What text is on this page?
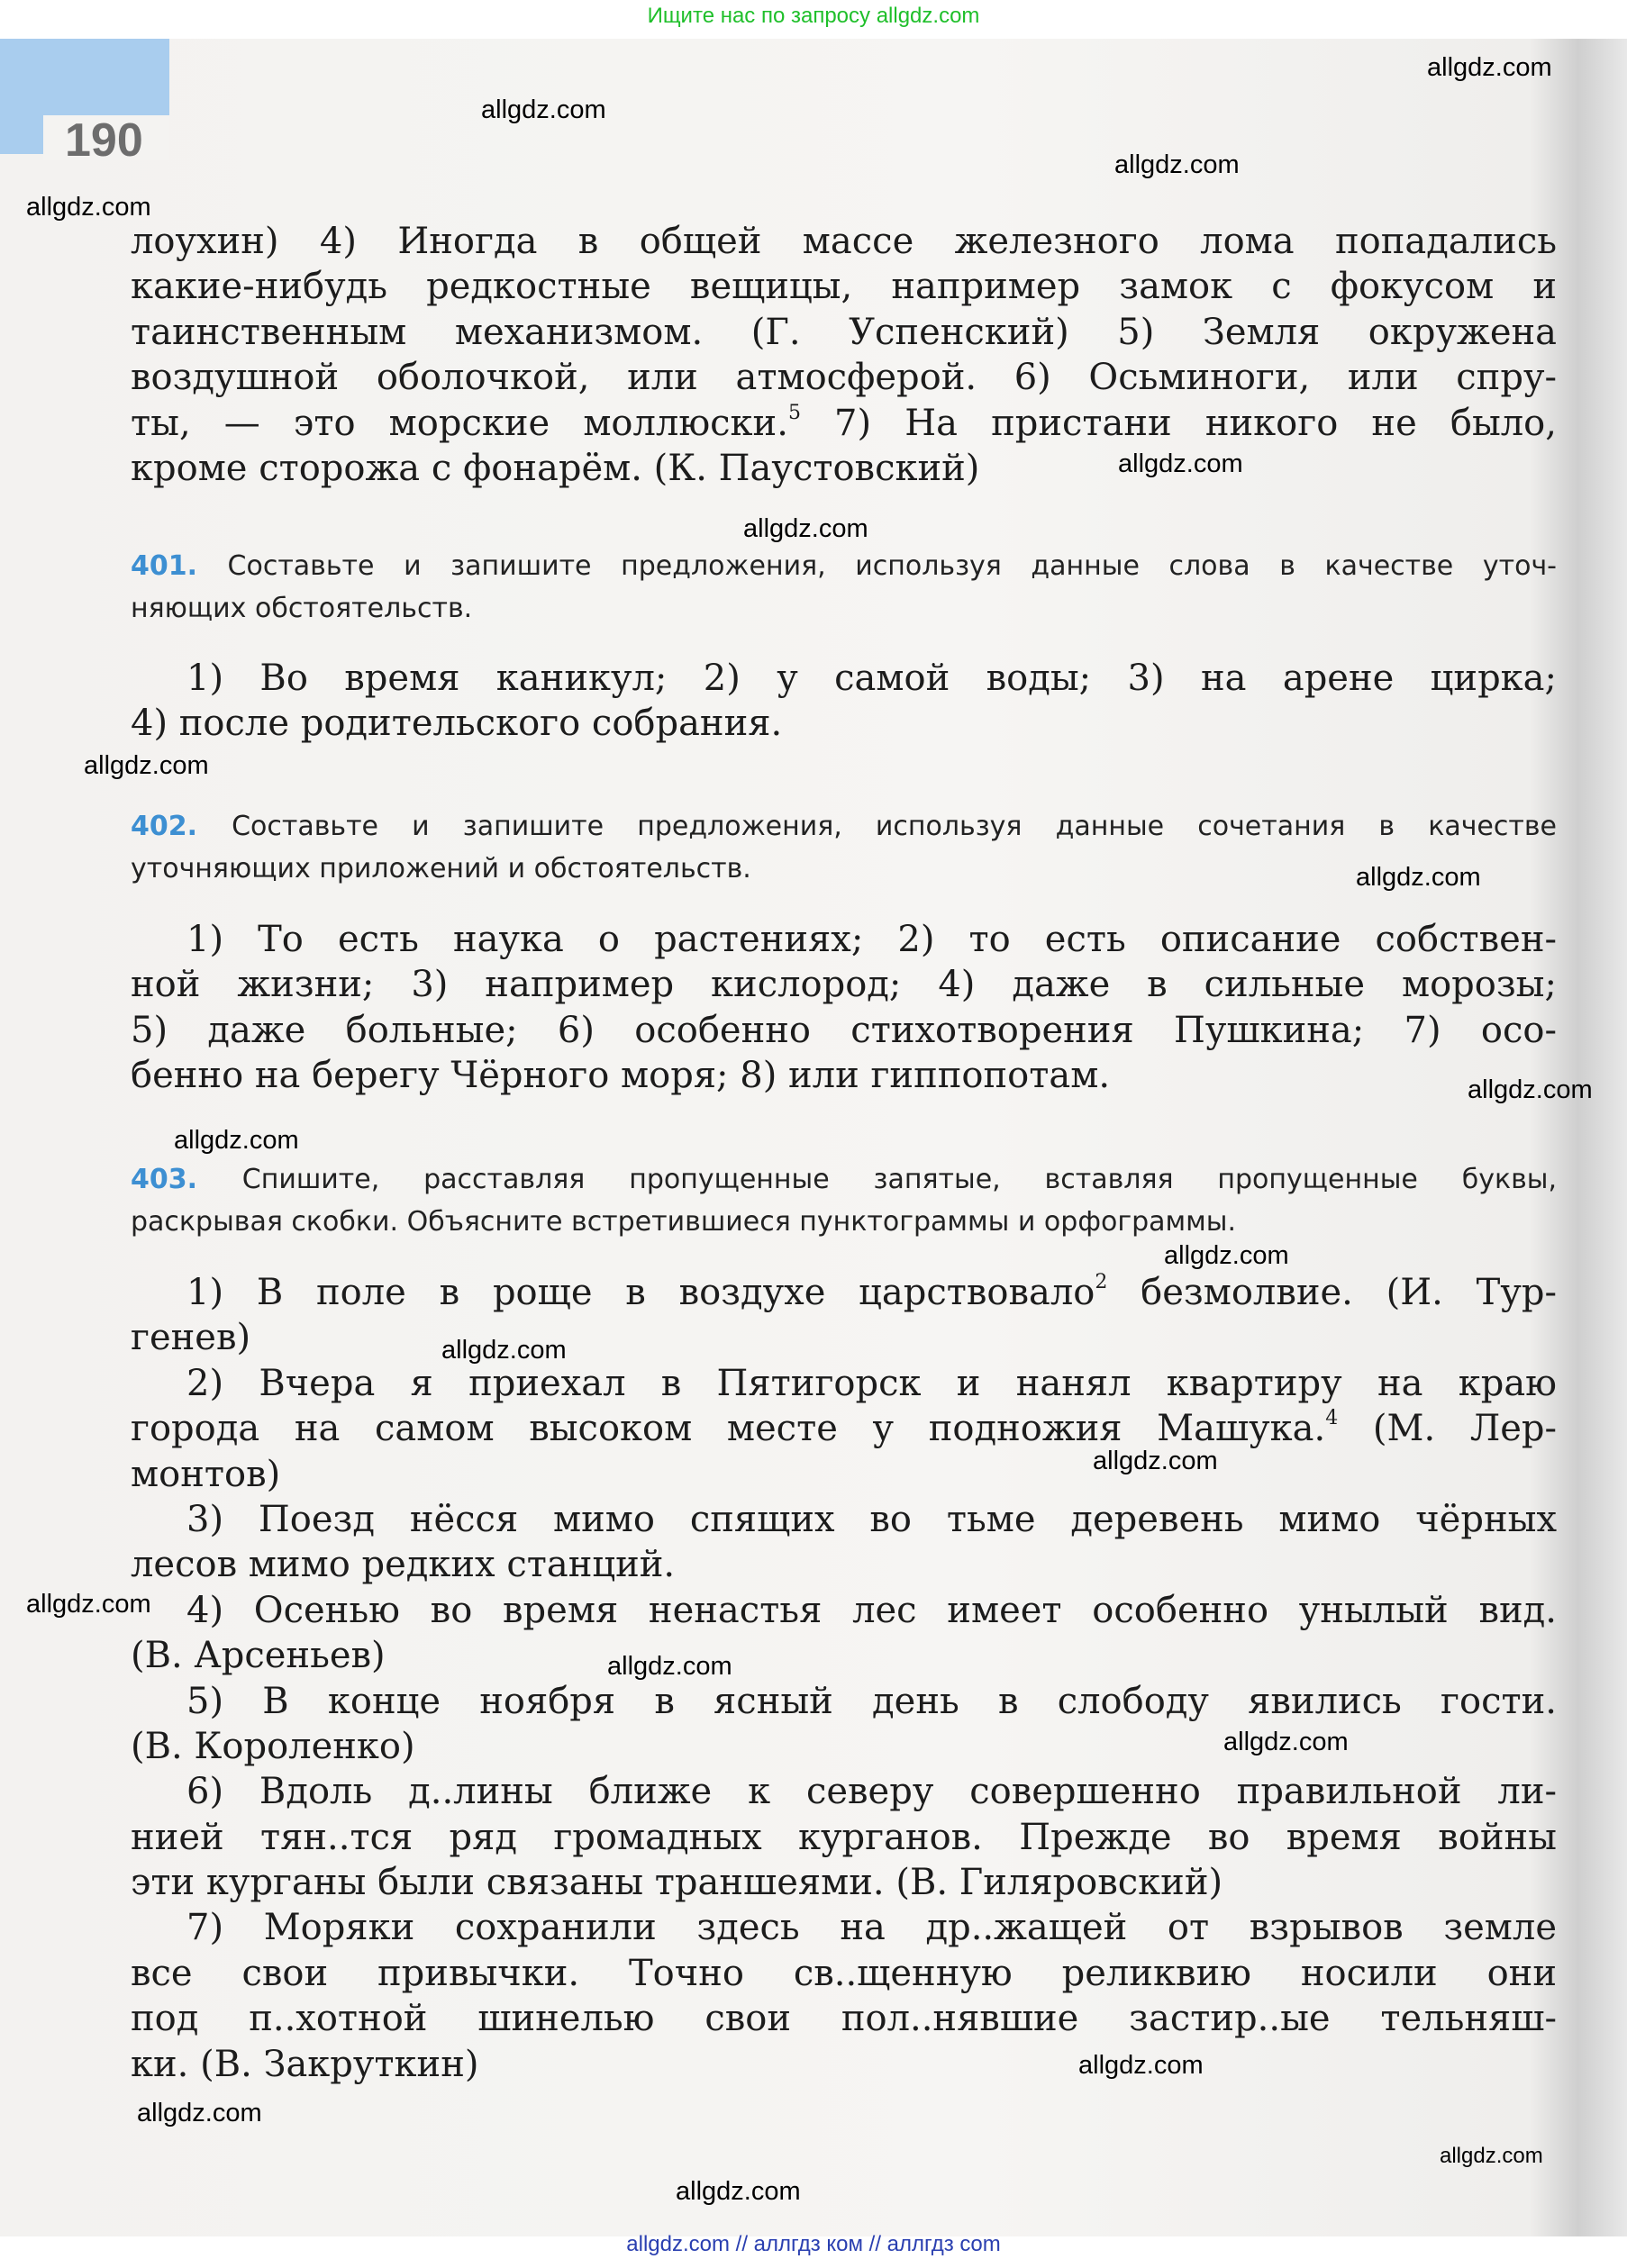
Ищите нас по запросу allgdz.com
190
лоухин) 4) Иногда в общей массе железного лома попадались
какие-нибудь редкостные вещицы, например замок с фокусом и
таинственным механизмом. (Г. Успенский) 5) Земля окружена
воздушной оболочкой, или атмосферой. 6) Осьминоги, или спру-
ты, — это морские моллюски.$^5$ 7) На пристани никого не было,
кроме сторожа с фонарём. (К. Паустовский)
401. Составьте и запишите предложения, используя данные слова в качестве уточ-
няющих обстоятельств.
1) Во время каникул; 2) у самой воды; 3) на арене цирка;
4) после родительского собрания.
402. Составьте и запишите предложения, используя данные сочетания в качестве
уточняющих приложений и обстоятельств.
1) То есть наука о растениях; 2) то есть описание собствен-
ной жизни; 3) например кислород; 4) даже в сильные морозы;
5) даже больные; 6) особенно стихотворения Пушкина; 7) осо-
бенно на берегу Чёрного моря; 8) или гиппопотам.
403. Спишите, расставляя пропущенные запятые, вставляя пропущенные буквы,
раскрывая скобки. Объясните встретившиеся пунктограммы и орфограммы.
1) В поле в роще в воздухе царствовало$^2$ безмолвие. (И. Тур-
генев)
2) Вчера я приехал в Пятигорск и нанял квартиру на краю
города на самом высоком месте у подножия Машука.$^4$ (М. Лер-
монтов)
3) Поезд нёсся мимо спящих во тьме деревень мимо чёрных
лесов мимо редких станций.
4) Осенью во время ненастья лес имеет особенно унылый вид.
(В. Арсеньев)
5) В конце ноября в ясный день в слободу явились гости.
(В. Короленко)
6) Вдоль д..лины ближе к северу совершенно правильной ли-
нией тян..тся ряд громадных курганов. Прежде во время войны
эти курганы были связаны траншеями. (В. Гиляровский)
7) Моряки сохранили здесь на др..жащей от взрывов земле
все свои привычки. Точно св..щенную реликвию носили они
под п..хотной шинелью свои пол..нявшие застир..ые тельняш-
ки. (В. Закруткин)
allgdz.com
allgdz.com
allgdz.com
allgdz.com
allgdz.com
allgdz.com
allgdz.com
allgdz.com
allgdz.com
allgdz.com
allgdz.com
allgdz.com
allgdz.com
allgdz.com
allgdz.com
allgdz.com
allgdz.com
allgdz.com
allgdz.com
allgdz.com
allgdz.com // аллгдз ком // аллгдз com
